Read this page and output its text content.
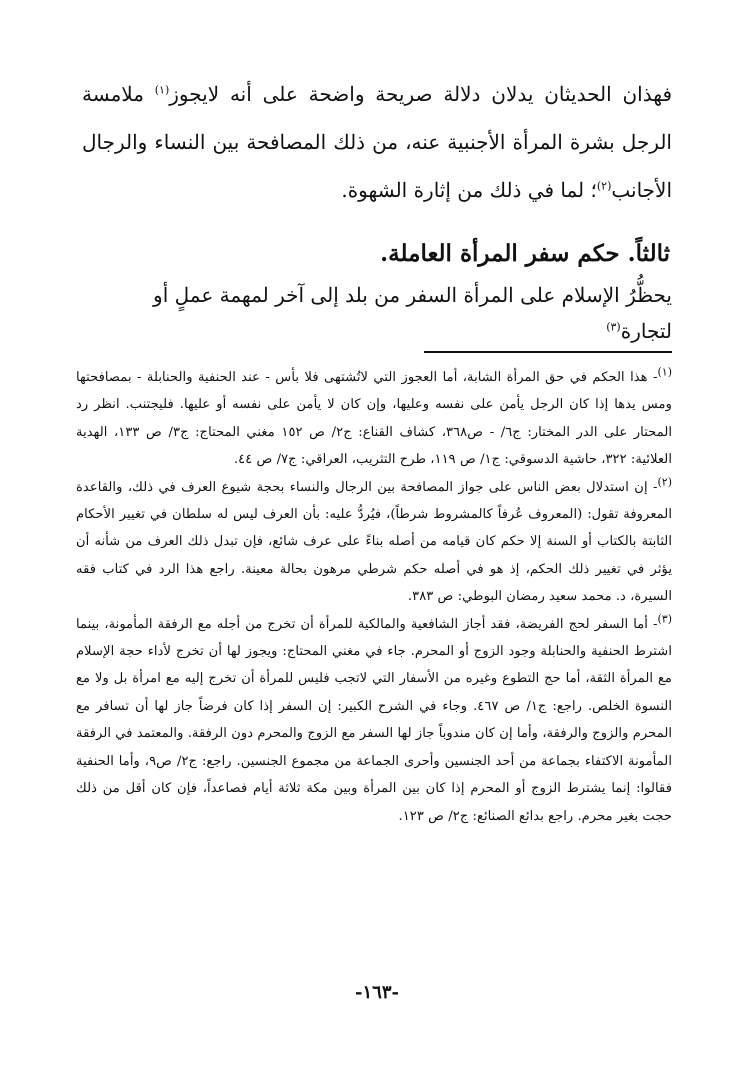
فهذان الحديثان يدلان دلالة صريحة واضحة على أنه لايجوز$^{(١)}$ ملامسة الرجل بشرة المرأة الأجنبية عنه، من ذلك المصافحة بين النساء والرجال الأجانب$^{(٢)}$؛ لما في ذلك من إثارة الشهوة.

ثالثاً. حكم سفر المرأة العاملة.
يحظُّرُ الإسلام على المرأة السفر من بلد إلى آخر لمهمة عملٍ أو لتجارة$^{(٣)}$

$^{(١)}$- هذا الحكم في حق المرأة الشابة، أما العجوز التي لاتُشتهى فلا بأس - عند الحنفية والحنابلة - بمصافحتها ومس يدها إذا كان الرجل يأمن على نفسه وعليها، وإن كان لا يأمن على نفسه أو عليها. فليجتنب. انظر رد المحتار على الدر المختار: ج٦/ - ص٣٦٨، كشاف القناع: ج٢/ ص ١٥٢ مغني المحتاج: ج٣/ ص ١٣٣، الهدية العلائية: ٣٢٢، حاشية الدسوقي: ج١/ ص ١١٩، طرح التثريب، العراقي: ج٧/ ص ٤٤.

$^{(٢)}$- إن استدلال بعض الناس على جواز المصافحة بين الرجال والنساء بحجة شيوع العرف في ذلك، والقاعدة المعروفة تقول: (المعروف عُرفاً كالمشروط شرطاً)، فيُردُّ عليه: بأن العرف ليس له سلطان في تغيير الأحكام الثابتة بالكتاب أو السنة إلا حكم كان قيامه من أصله بناءً على عرف شائع، فإن تبدل ذلك العرف من شأنه أن يؤثر في تغيير ذلك الحكم، إذ هو في أصله حكم شرطي مرهون بحالة معينة. راجع هذا الرد في كتاب فقه السيرة، د. محمد سعيد رمضان البوطي: ص ٣٨٣.

$^{(٣)}$- أما السفر لحج الفريضة، فقد أجاز الشافعية والمالكية للمرأة أن تخرج من أجله مع الرفقة المأمونة، بينما اشترط الحنفية والحنابلة وجود الزوج أو المحرم. جاء في مغني المحتاج: ويجوز لها أن تخرج لأداء حجة الإسلام مع المرأة الثقة، أما حج التطوع وغيره من الأسفار التي لاتجب فليس للمرأة أن تخرج إليه مع امرأة بل ولا مع النسوة الخلص. راجع: ج١/ ص ٤٦٧. وجاء في الشرح الكبير: إن السفر إذا كان فرضاً جاز لها أن تسافر مع المحرم والزوج والرفقة، وأما إن كان مندوباً جاز لها السفر مع الزوج والمحرم دون الرفقة. والمعتمد في الرفقة المأمونة الاكتفاء بجماعة من أحد الجنسين وأحرى الجماعة من مجموع الجنسين. راجع: ج٢/ ص٩، وأما الحنفية فقالوا: إنما يشترط الزوج أو المحرم إذا كان بين المرأة وبين مكة ثلاثة أيام فصاعداً، فإن كان أقل من ذلك حجت بغير محرم. راجع بدائع الصنائع: ج٢/ ص ١٢٣.

-١٦٣-
